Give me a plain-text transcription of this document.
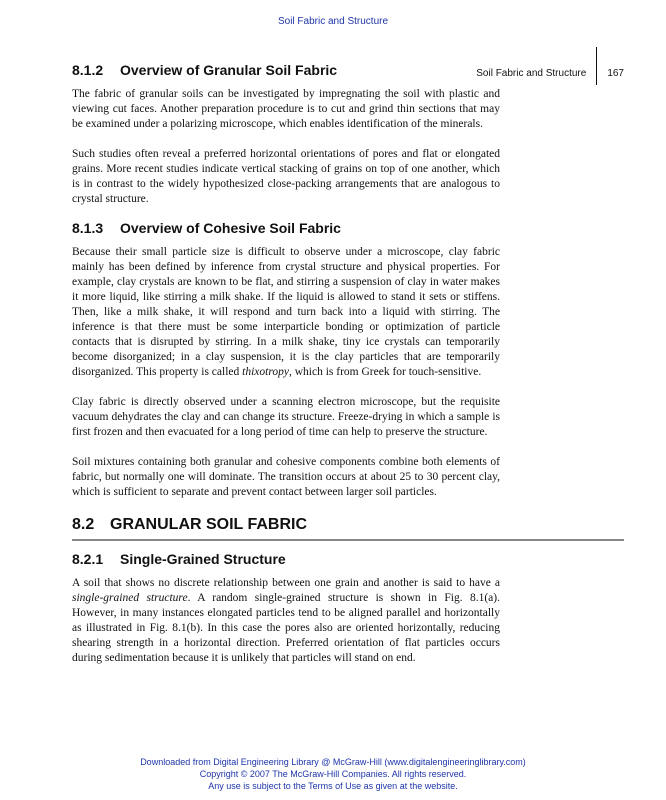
Soil Fabric and Structure
Soil Fabric and Structure 167
8.1.2 Overview of Granular Soil Fabric

The fabric of granular soils can be investigated by impregnating the soil with plastic and viewing cut faces. Another preparation procedure is to cut and grind thin sections that may be examined under a polarizing microscope, which enables identification of the minerals.

Such studies often reveal a preferred horizontal orientations of pores and flat or elongated grains. More recent studies indicate vertical stacking of grains on top of one another, which is in contrast to the widely hypothesized close-packing arrangements that are analogous to crystal structure.

8.1.3 Overview of Cohesive Soil Fabric

Because their small particle size is difficult to observe under a microscope, clay fabric mainly has been defined by inference from crystal structure and physical properties. For example, clay crystals are known to be flat, and stirring a suspension of clay in water makes it more liquid, like stirring a milk shake. If the liquid is allowed to stand it sets or stiffens. Then, like a milk shake, it will respond and turn back into a liquid with stirring. The inference is that there must be some interparticle bonding or optimization of particle contacts that is disrupted by stirring. In a milk shake, tiny ice crystals can temporarily become disorganized; in a clay suspension, it is the clay particles that are temporarily disorganized. This property is called thixotropy, which is from Greek for touch-sensitive.

Clay fabric is directly observed under a scanning electron microscope, but the requisite vacuum dehydrates the clay and can change its structure. Freeze-drying in which a sample is first frozen and then evacuated for a long period of time can help to preserve the structure.

Soil mixtures containing both granular and cohesive components combine both elements of fabric, but normally one will dominate. The transition occurs at about 25 to 30 percent clay, which is sufficient to separate and prevent contact between larger soil particles.

8.2 GRANULAR SOIL FABRIC
8.2.1 Single-Grained Structure

A soil that shows no discrete relationship between one grain and another is said to have a single-grained structure. A random single-grained structure is shown in Fig. 8.1(a). However, in many instances elongated particles tend to be aligned parallel and horizontally as illustrated in Fig. 8.1(b). In this case the pores also are oriented horizontally, reducing shearing strength in a horizontal direction. Preferred orientation of flat particles occurs during sedimentation because it is unlikely that particles will stand on end.

Downloaded from Digital Engineering Library @ McGraw-Hill (www.digitalengineeringlibrary.com)
Copyright © 2007 The McGraw-Hill Companies. All rights reserved.
Any use is subject to the Terms of Use as given at the website.
